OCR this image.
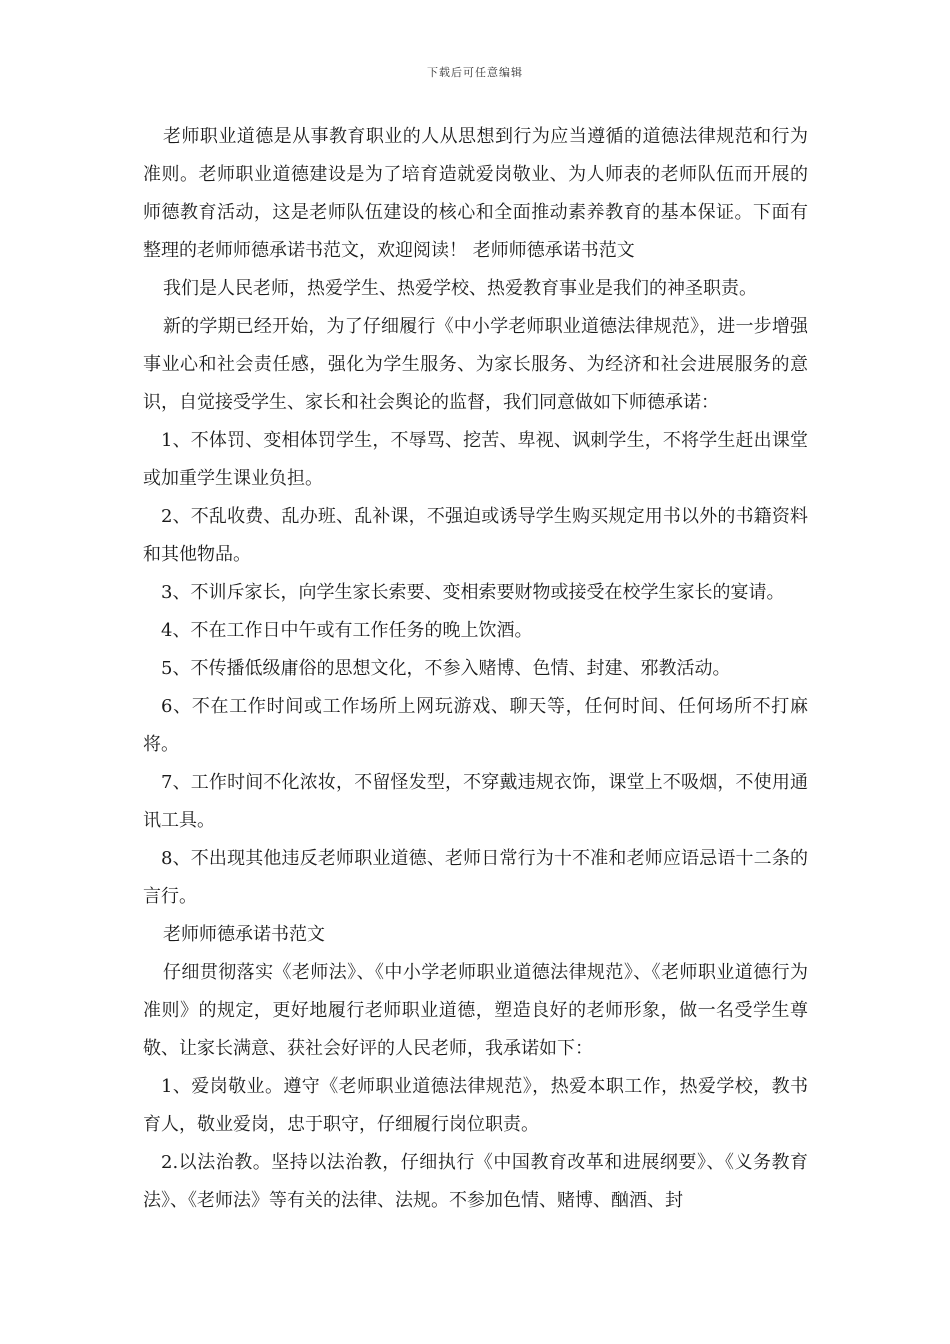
下载后可任意编辑

老师职业道德是从事教育职业的人从思想到行为应当遵循的道德法律规范和行为准则。老师职业道德建设是为了培育造就爱岗敬业、为人师表的老师队伍而开展的师德教育活动，这是老师队伍建设的核心和全面推动素养教育的基本保证。下面有整理的老师师德承诺书范文，欢迎阅读！ 老师师德承诺书范文

我们是人民老师，热爱学生、热爱学校、热爱教育事业是我们的神圣职责。

新的学期已经开始，为了仔细履行《中小学老师职业道德法律规范》，进一步增强事业心和社会责任感，强化为学生服务、为家长服务、为经济和社会进展服务的意识，自觉接受学生、家长和社会舆论的监督，我们同意做如下师德承诺：

1、不体罚、变相体罚学生，不辱骂、挖苦、卑视、讽刺学生，不将学生赶出课堂或加重学生课业负担。

2、不乱收费、乱办班、乱补课，不强迫或诱导学生购买规定用书以外的书籍资料和其他物品。

3、不训斥家长，向学生家长索要、变相索要财物或接受在校学生家长的宴请。

4、不在工作日中午或有工作任务的晚上饮酒。

5、不传播低级庸俗的思想文化，不参入赌博、色情、封建、邪教活动。

6、不在工作时间或工作场所上网玩游戏、聊天等，任何时间、任何场所不打麻将。

7、工作时间不化浓妆，不留怪发型，不穿戴违规衣饰，课堂上不吸烟，不使用通讯工具。

8、不出现其他违反老师职业道德、老师日常行为十不准和老师应语忌语十二条的言行。

老师师德承诺书范文

仔细贯彻落实《老师法》、《中小学老师职业道德法律规范》、《老师职业道德行为准则》的规定，更好地履行老师职业道德，塑造良好的老师形象，做一名受学生尊敬、让家长满意、获社会好评的人民老师，我承诺如下：

1、爱岗敬业。遵守《老师职业道德法律规范》，热爱本职工作，热爱学校，教书育人，敬业爱岗，忠于职守，仔细履行岗位职责。

2.以法治教。坚持以法治教，仔细执行《中国教育改革和进展纲要》、《义务教育法》、《老师法》等有关的法律、法规。不参加色情、赌博、酗酒、封
